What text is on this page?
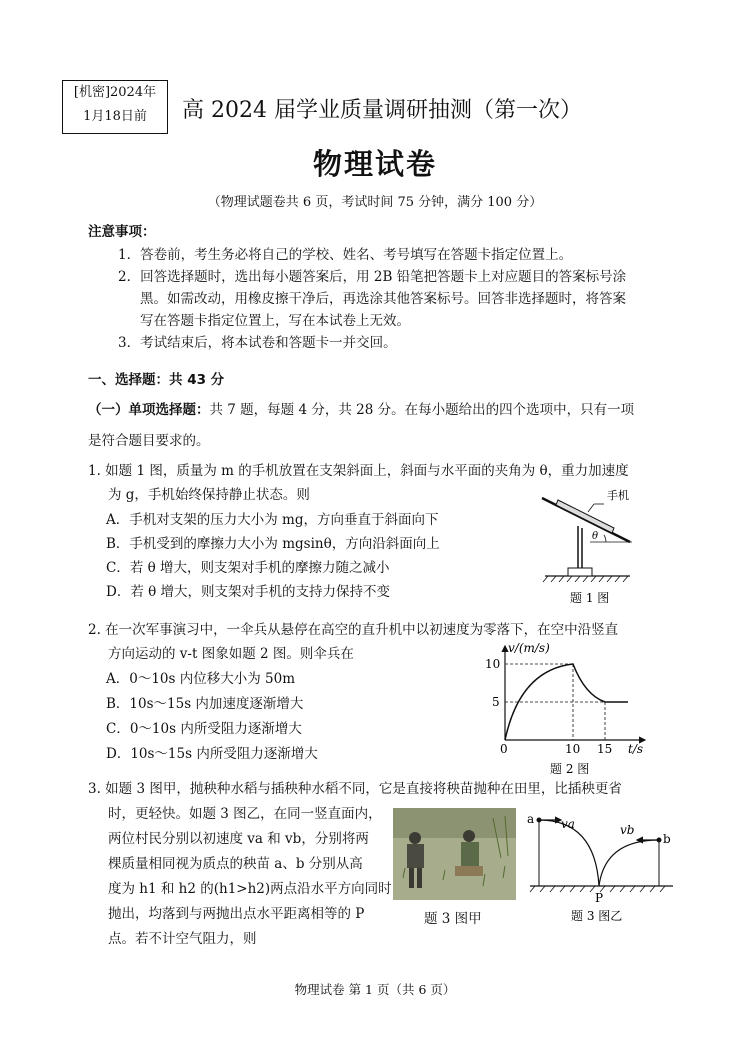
[机密]2024年
1月18日前	高 2024 届学业质量调研抽测（第一次）
物理试卷
（物理试题卷共 6 页，考试时间 75 分钟，满分 100 分）
注意事项：
1．答卷前，考生务必将自己的学校、姓名、考号填写在答题卡指定位置上。
2．回答选择题时，选出每小题答案后，用 2B 铅笔把答题卡上对应题目的答案标号涂
黑。如需改动，用橡皮擦干净后，再选涂其他答案标号。回答非选择题时，将答案
写在答题卡指定位置上，写在本试卷上无效。
3．考试结束后，将本试卷和答题卡一并交回。
一、选择题：共 43 分
（一）单项选择题：共 7 题，每题 4 分，共 28 分。在每小题给出的四个选项中，只有一项
是符合题目要求的。
1. 如题 1 图，质量为 m 的手机放置在支架斜面上，斜面与水平面的夹角为 θ，重力加速度
为 g，手机始终保持静止状态。则
A．手机对支架的压力大小为 mg，方向垂直于斜面向下
B．手机受到的摩擦力大小为 mgsinθ，方向沿斜面向上
C．若 θ 增大，则支架对手机的摩擦力随之减小
D．若 θ 增大，则支架对手机的支持力保持不变
手机
θ
题 1 图
2. 在一次军事演习中，一伞兵从悬停在高空的直升机中以初速度为零落下，在空中沿竖直
方向运动的 v-t 图象如题 2 图。则伞兵在
A．0～10s 内位移大小为 50m
B．10s～15s 内加速度逐渐增大
C．0～10s 内所受阻力逐渐增大
D．10s～15s 内所受阻力逐渐增大
v/(m/s)
t/s
10
5
0	10 15
题 2 图
3. 如题 3 图甲，抛秧种水稻与插秧种水稻不同，它是直接将秧苗抛种在田里，比插秧更省
时，更轻快。如题 3 图乙，在同一竖直面内，
两位村民分别以初速度 va 和 vb，分别将两
棵质量相同视为质点的秧苗 a、b 分别从高
度为 h1 和 h2 的(h1>h2)两点沿水平方向同时
抛出，均落到与两抛出点水平距离相等的 P
点。若不计空气阻力，则
题 3 图甲
a va	vb
b
P
题 3 图乙
物理试卷 第 1 页（共 6 页）
